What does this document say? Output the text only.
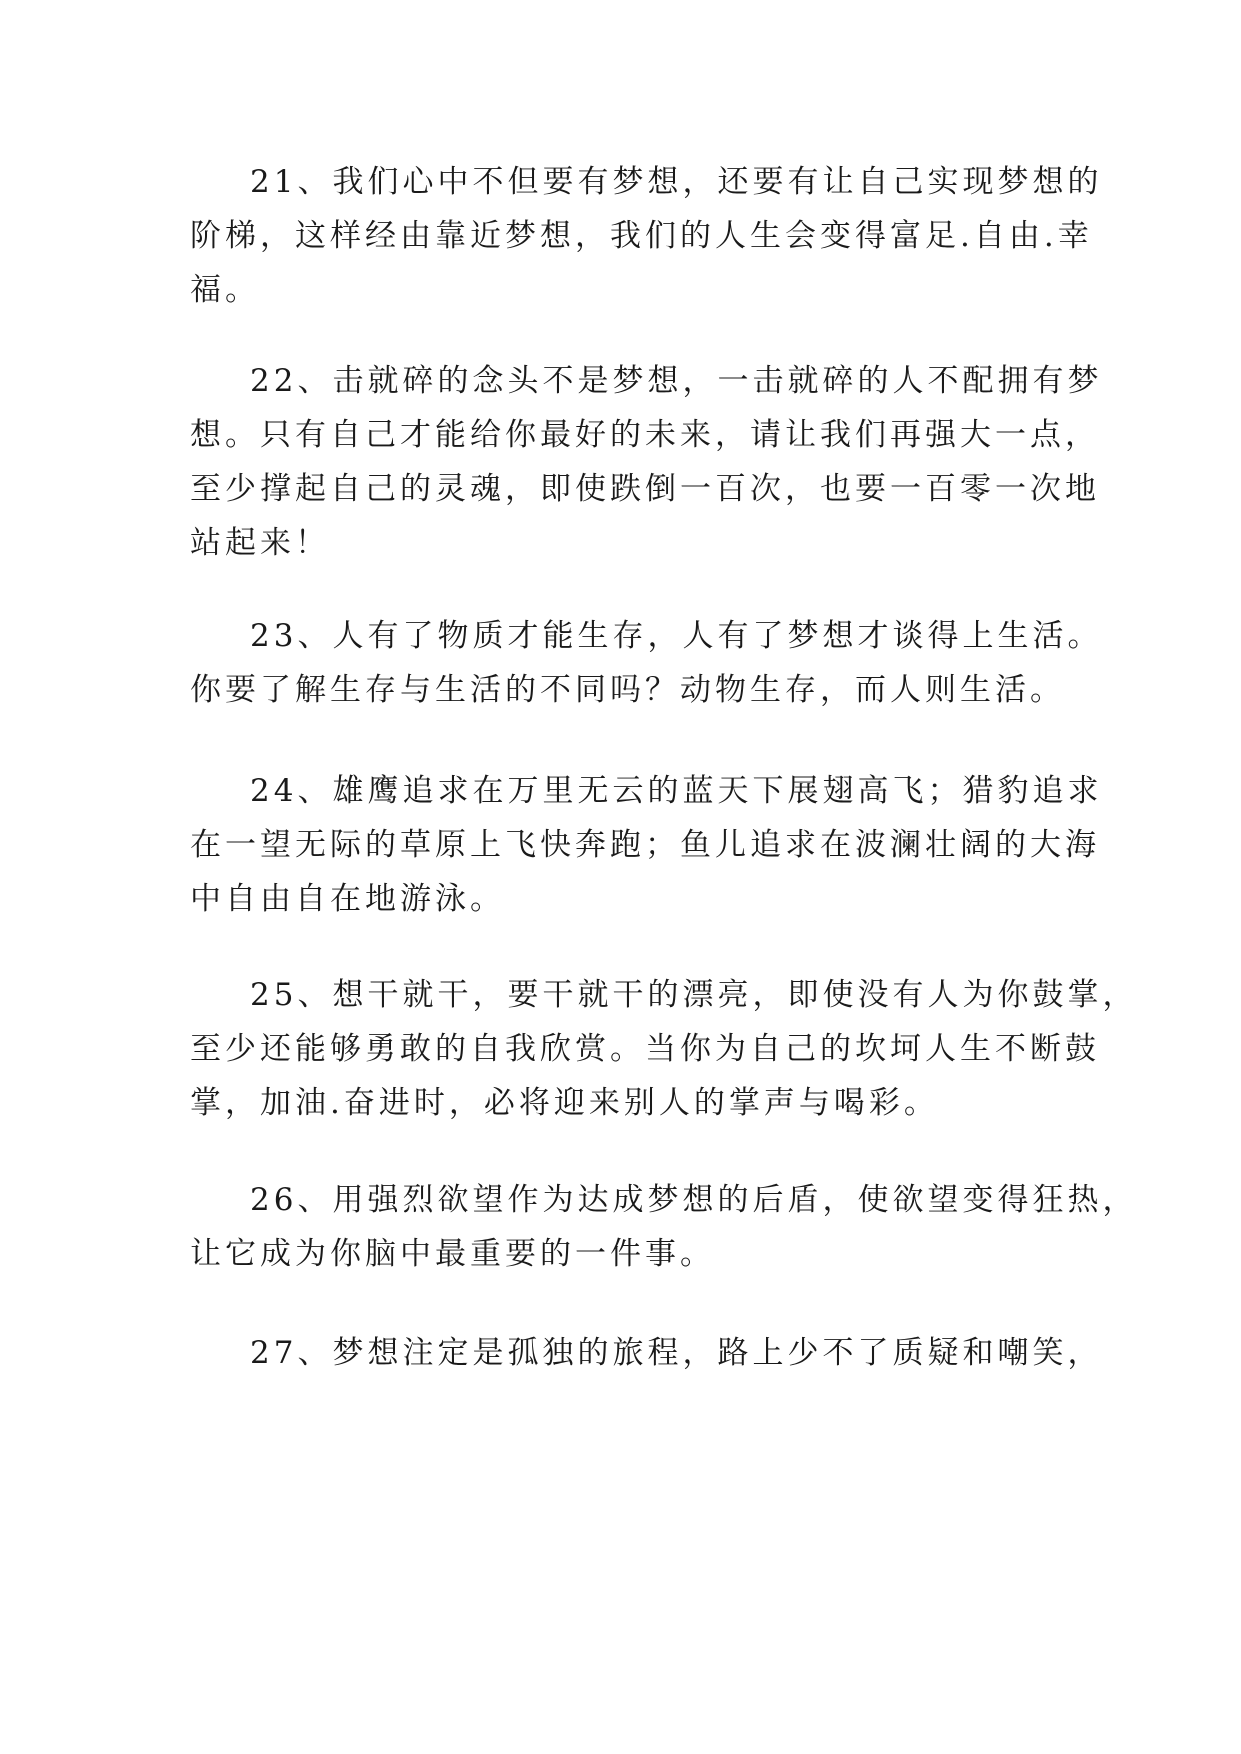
21、我们心中不但要有梦想，还要有让自己实现梦想的
阶梯，这样经由靠近梦想，我们的人生会变得富足.自由.幸
福。

22、击就碎的念头不是梦想，一击就碎的人不配拥有梦
想。只有自己才能给你最好的未来，请让我们再强大一点，
至少撑起自己的灵魂，即使跌倒一百次，也要一百零一次地
站起来！

23、人有了物质才能生存，人有了梦想才谈得上生活。
你要了解生存与生活的不同吗？动物生存，而人则生活。

24、雄鹰追求在万里无云的蓝天下展翅高飞；猎豹追求
在一望无际的草原上飞快奔跑；鱼儿追求在波澜壮阔的大海
中自由自在地游泳。

25、想干就干，要干就干的漂亮，即使没有人为你鼓掌，
至少还能够勇敢的自我欣赏。当你为自己的坎坷人生不断鼓
掌，加油.奋进时，必将迎来别人的掌声与喝彩。

26、用强烈欲望作为达成梦想的后盾，使欲望变得狂热，
让它成为你脑中最重要的一件事。

27、梦想注定是孤独的旅程，路上少不了质疑和嘲笑，
